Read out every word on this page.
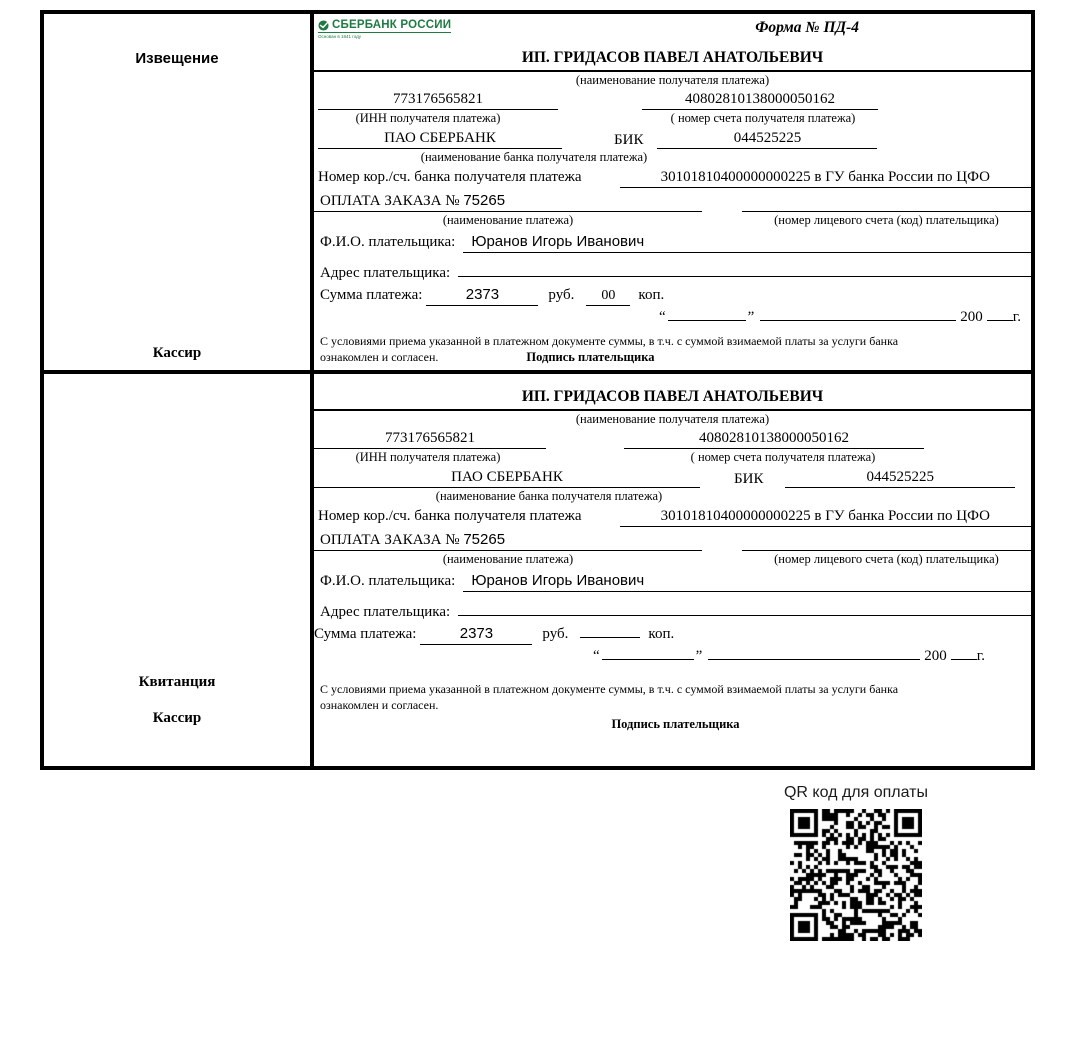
Извещение
Кассир
СБЕРБАНК РОССИИ
Основан в 1841 году
Форма № ПД-4
ИП. ГРИДАСОВ ПАВЕЛ АНАТОЛЬЕВИЧ
(наименование получателя платежа)
773176565821	40802810138000050162
(ИНН получателя платежа)	( номер счета получателя платежа)
ПАО СБЕРБАНК	БИК	044525225
(наименование банка получателя платежа)
Номер кор./сч. банка получателя платежа	30101810400000000225 в ГУ банка России по ЦФО
ОПЛАТА ЗАКАЗА № 75265
(наименование платежа)	(номер лицевого счета (код) плательщика)
Ф.И.О. плательщика:	Юранов Игорь Иванович
Адрес плательщика:
Сумма платежа:	2373	руб.	00	коп.
“	”	200 г.
С условиями приема указанной в платежном документе суммы, в т.ч. с суммой взимаемой платы за услуги банка
ознакомлен и согласен.	Подпись плательщика
Квитанция
Кассир
ИП. ГРИДАСОВ ПАВЕЛ АНАТОЛЬЕВИЧ
(наименование получателя платежа)
773176565821	40802810138000050162
(ИНН получателя платежа)	( номер счета получателя платежа)
ПАО СБЕРБАНК	БИК	044525225
(наименование банка получателя платежа)
Номер кор./сч. банка получателя платежа	30101810400000000225 в ГУ банка России по ЦФО
ОПЛАТА ЗАКАЗА № 75265
(наименование платежа)	(номер лицевого счета (код) плательщика)
Ф.И.О. плательщика:	Юранов Игорь Иванович
Адрес плательщика:
Сумма платежа:	2373	руб.	коп.
“	”	200 г.
С условиями приема указанной в платежном документе суммы, в т.ч. с суммой взимаемой платы за услуги банка
ознакомлен и согласен.
Подпись плательщика
QR код для оплаты
